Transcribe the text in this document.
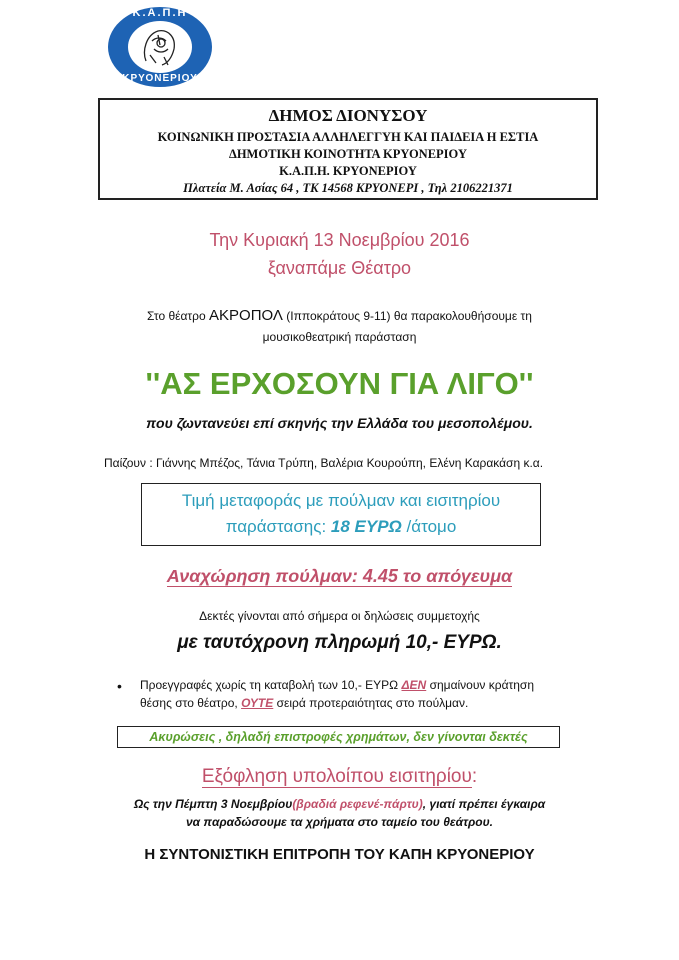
Κ.Α.Π.Η
ΚΡΥΟΝΕΡΙΟΥ
ΔΗΜΟΣ ΔΙΟΝΥΣΟΥ
ΚΟΙΝΩΝΙΚΗ ΠΡΟΣΤΑΣΙΑ ΑΛΛΗΛΕΓΓΥΗ ΚΑΙ ΠΑΙΔΕΙΑ Η ΕΣΤΙΑ
ΔΗΜΟΤΙΚΗ ΚΟΙΝΟΤΗΤΑ ΚΡΥΟΝΕΡΙΟΥ
Κ.Α.Π.Η. ΚΡΥΟΝΕΡΙΟΥ
Πλατεία Μ. Ασίας 64 , ΤΚ 14568 ΚΡΥΟΝΕΡΙ , Τηλ 2106221371
Την Κυριακή 13 Νοεμβρίου 2016
ξαναπάμε Θέατρο
Στο θέατρο ΑΚΡΟΠΟΛ (Ιπποκράτους 9-11) θα παρακολουθήσουμε τη
μουσικοθεατρική παράσταση
''ΑΣ ΕΡΧΟΣΟΥΝ ΓΙΑ ΛΙΓΟ''
που ζωντανεύει επί σκηνής την Ελλάδα του μεσοπολέμου.
Παίζουν : Γιάννης Μπέζος, Τάνια Τρύπη, Βαλέρια Κουρούπη, Ελένη Καρακάση κ.α.
Τιμή μεταφοράς με πούλμαν και εισιτηρίου
παράστασης: 18 ΕΥΡΩ /άτομο
Αναχώρηση πούλμαν: 4.45 το απόγευμα
Δεκτές γίνονται από σήμερα οι δηλώσεις συμμετοχής
με ταυτόχρονη πληρωμή 10,- ΕΥΡΩ.
• Προεγγραφές χωρίς τη καταβολή των 10,- ΕΥΡΩ ΔΕΝ σημαίνουν κράτηση
θέσης στο θέατρο, ΟΥΤΕ σειρά προτεραιότητας στο πούλμαν.
Ακυρώσεις , δηλαδή επιστροφές χρημάτων, δεν γίνονται δεκτές
Εξόφληση υπολοίπου εισιτηρίου:
Ως την Πέμπτη 3 Νοεμβρίου(βραδιά ρεφενέ-πάρτυ), γιατί πρέπει έγκαιρα
να παραδώσουμε τα χρήματα στο ταμείο του θεάτρου.
Η ΣΥΝΤΟΝΙΣΤΙΚΗ ΕΠΙΤΡΟΠΗ ΤΟΥ ΚΑΠΗ ΚΡΥΟΝΕΡΙΟΥ
